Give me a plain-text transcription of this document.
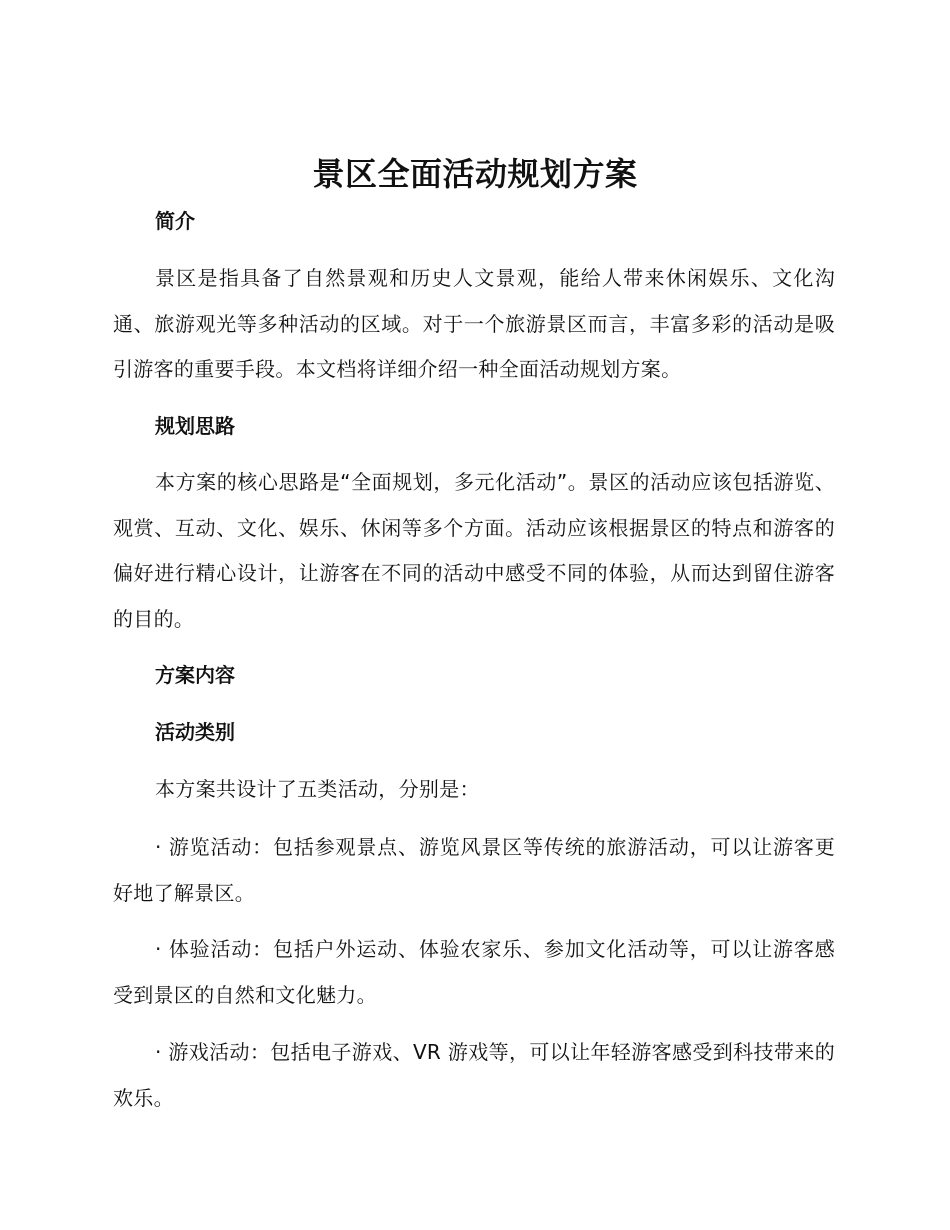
景区全面活动规划方案
简介

景区是指具备了自然景观和历史人文景观，能给人带来休闲娱乐、文化沟通、旅游观光等多种活动的区域。对于一个旅游景区而言，丰富多彩的活动是吸引游客的重要手段。本文档将详细介绍一种全面活动规划方案。

规划思路

本方案的核心思路是“全面规划，多元化活动”。景区的活动应该包括游览、观赏、互动、文化、娱乐、休闲等多个方面。活动应该根据景区的特点和游客的偏好进行精心设计，让游客在不同的活动中感受不同的体验，从而达到留住游客的目的。

方案内容
活动类别

本方案共设计了五类活动，分别是：

· 游览活动：包括参观景点、游览风景区等传统的旅游活动，可以让游客更好地了解景区。

· 体验活动：包括户外运动、体验农家乐、参加文化活动等，可以让游客感受到景区的自然和文化魅力。

· 游戏活动：包括电子游戏、VR 游戏等，可以让年轻游客感受到科技带来的欢乐。
